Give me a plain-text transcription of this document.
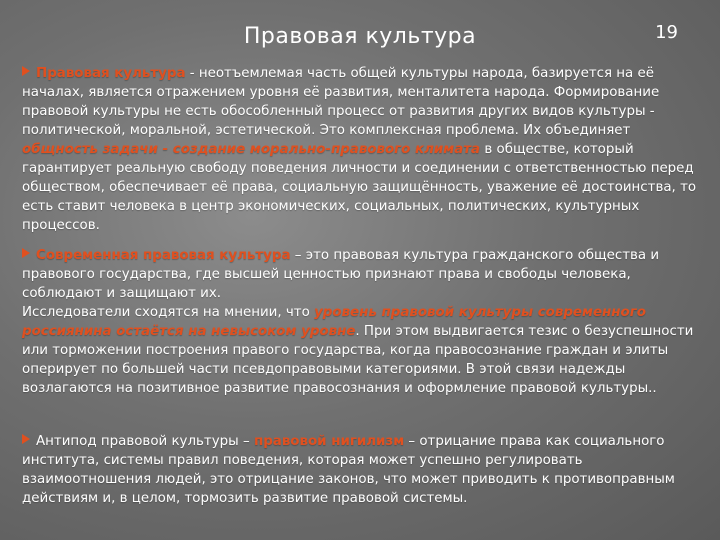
Правовая культура	19

Правовая культура - неотъемлемая часть общей культуры народа, базируется на её началах, является отражением уровня её развития, менталитета народа. Формирование правовой культуры не есть обособленный процесс от развития других видов культуры - политической, моральной, эстетической. Это комплексная проблема. Их объединяет общность задачи - создание морально-правового климата в обществе, который гарантирует реальную свободу поведения личности и соединении с ответственностью перед обществом, обеспечивает её права, социальную защищённость, уважение её достоинства, то есть ставит человека в центр экономических, социальных, политических, культурных процессов.

Современная правовая культура – это правовая культура гражданского общества и правового государства, где высшей ценностью признают права и свободы человека, соблюдают и защищают их.

Исследователи сходятся на мнении, что уровень правовой культуры современного россиянина остаётся на невысоком уровне. При этом выдвигается тезис о безуспешности или торможении построения правого государства, когда правосознание граждан и элиты оперирует по большей части псевдоправовыми категориями. В этой связи надежды возлагаются на позитивное развитие правосознания и оформление правовой культуры..

Антипод правовой культуры – правовой нигилизм – отрицание права как социального института, системы правил поведения, которая может успешно регулировать взаимоотношения людей, это отрицание законов, что может приводить к противоправным действиям и, в целом, тормозить развитие правовой системы.
